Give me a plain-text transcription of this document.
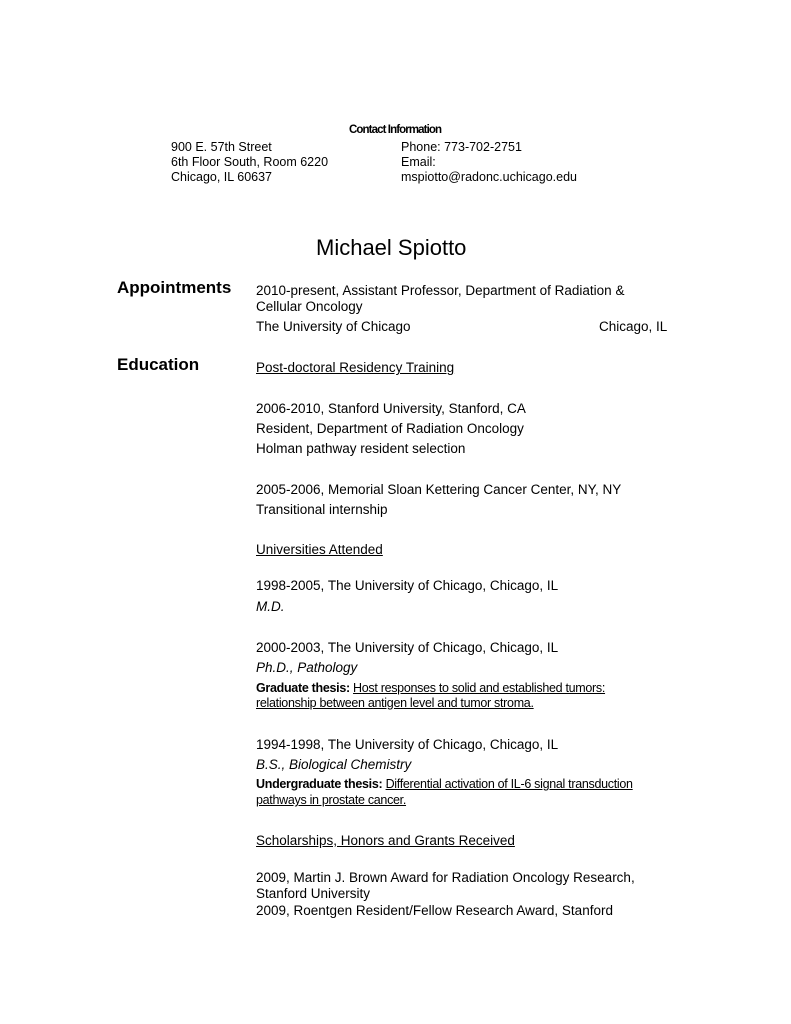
Contact Information
900 E. 57th Street
6th Floor South, Room 6220
Chicago, IL 60637
Phone: 773-702-2751
Email:
mspiotto@radonc.uchicago.edu
Michael Spiotto
Appointments 2010-present, Assistant Professor, Department of Radiation &
Cellular Oncology
The University of Chicago	Chicago, IL
Education	Post-doctoral Residency Training
2006-2010, Stanford University, Stanford, CA
Resident, Department of Radiation Oncology
Holman pathway resident selection
2005-2006, Memorial Sloan Kettering Cancer Center, NY, NY
Transitional internship
Universities Attended
1998-2005, The University of Chicago, Chicago, IL
M.D.
2000-2003, The University of Chicago, Chicago, IL
Ph.D., Pathology
Graduate thesis: Host responses to solid and established tumors:
relationship between antigen level and tumor stroma.
1994-1998, The University of Chicago, Chicago, IL
B.S., Biological Chemistry
Undergraduate thesis: Differential activation of IL-6 signal transduction
pathways in prostate cancer.
Scholarships, Honors and Grants Received
2009, Martin J. Brown Award for Radiation Oncology Research,
Stanford University
2009, Roentgen Resident/Fellow Research Award, Stanford
